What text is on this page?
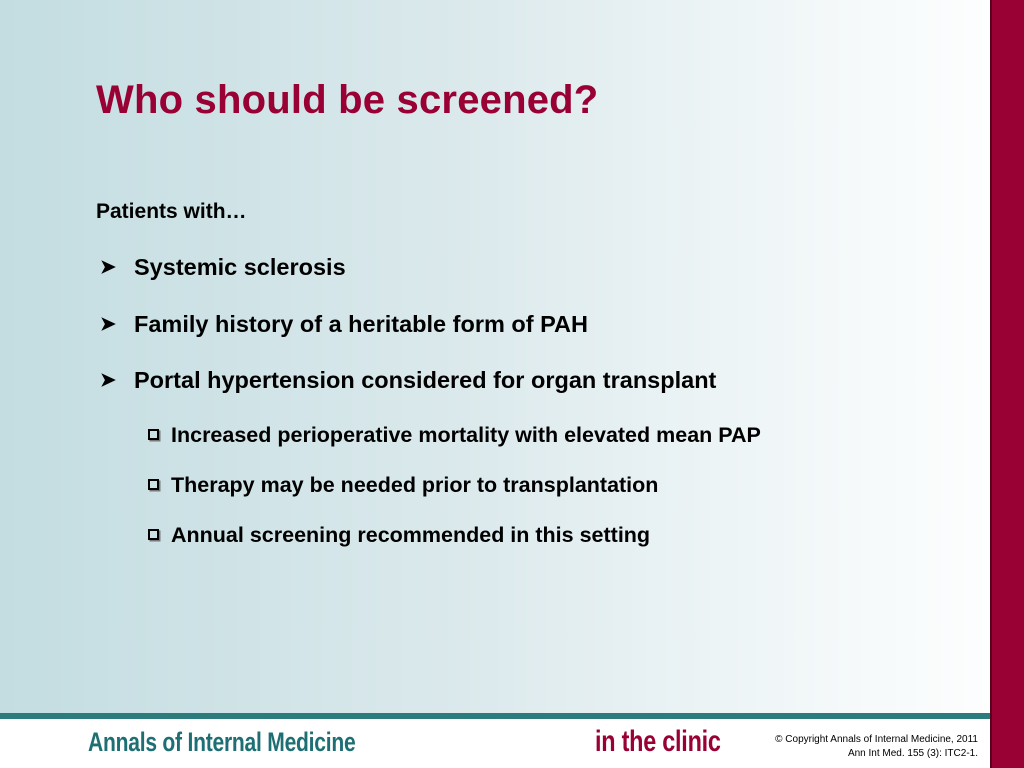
Who should be screened?
Patients with…
➤ Systemic sclerosis
➤ Family history of a heritable form of PAH
➤ Portal hypertension considered for organ transplant
Increased perioperative mortality with elevated mean PAP
Therapy may be needed prior to transplantation
Annual screening recommended in this setting
Annals of Internal Medicine	in the clinic	© Copyright Annals of Internal Medicine, 2011
Ann Int Med. 155 (3): ITC2-1.
